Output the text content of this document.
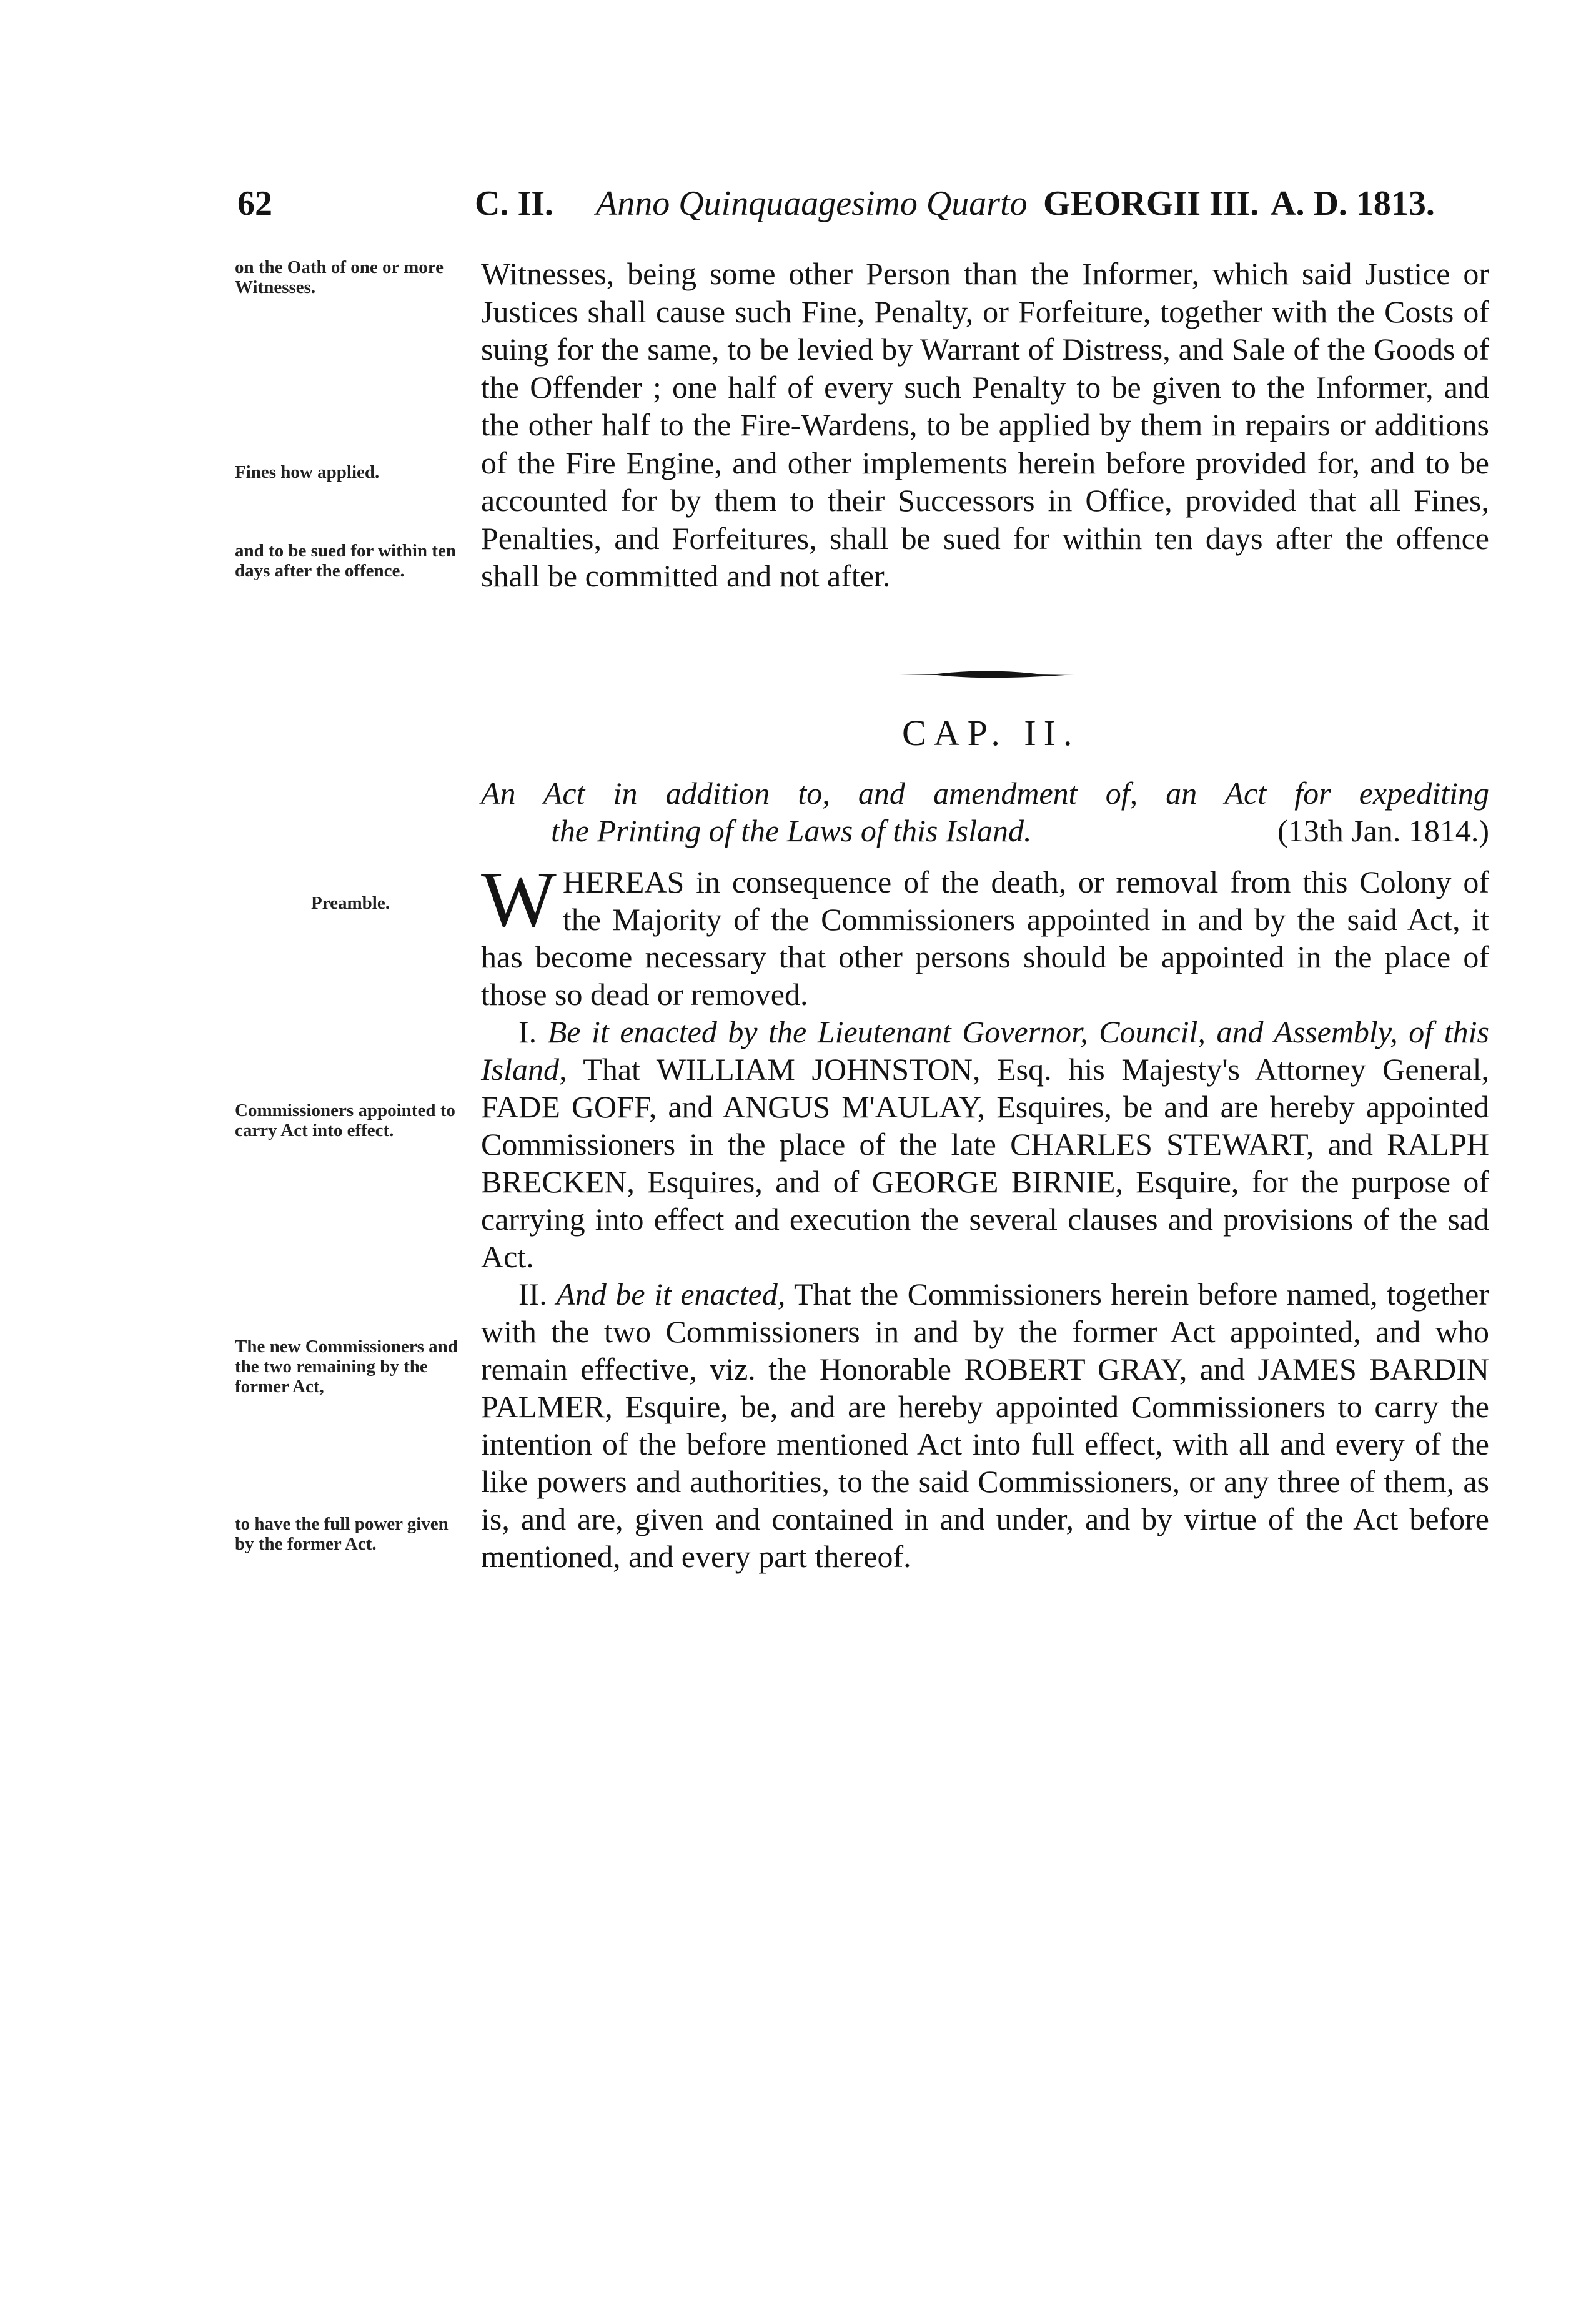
62	C. II. Anno Quinquaagesimo Quarto GEORGII III. A. D. 1813.
on the Oath of one or more Witnesses.
Fines how applied.
and to be sued for within ten days after the offence.
Preamble.
Commissioners appointed to carry Act into effect.
The new Commissioners and the two remaining by the former Act,
to have the full power given by the former Act.

Witnesses, being some other Person than the Informer, which said Justice or Justices shall cause such Fine, Penalty, or Forfeiture, together with the Costs of suing for the same, to be levied by Warrant of Distress, and Sale of the Goods of the Offender ; one half of every such Penalty to be given to the Informer, and the other half to the Fire-Wardens, to be applied by them in repairs or additions of the Fire Engine, and other implements herein before provided for, and to be accounted for by them to their Successors in Office, provided that all Fines, Penalties, and Forfeitures, shall be sued for within ten days after the offence shall be committed and not after.

CAP. II.
An Act in addition to, and amendment of, an Act for expediting
the Printing of the Laws of this Island.	(13th Jan. 1814.)

W HEREAS in consequence of the death, or removal from this Colony of the Majority of the Commissioners appointed in and by the said Act, it has become necessary that other persons should be appointed in the place of those so dead or removed.

I. Be it enacted by the Lieutenant Governor, Council, and Assembly, of this Island, That WILLIAM JOHNSTON, Esq. his Majesty's Attorney General, FADE GOFF, and ANGUS M'AULAY, Esquires, be and are hereby appointed Commissioners in the place of the late CHARLES STEWART, and RALPH BRECKEN, Esquires, and of GEORGE BIRNIE, Esquire, for the purpose of carrying into effect and execution the several clauses and provisions of the sad Act.

II. And be it enacted, That the Commissioners herein before named, together with the two Commissioners in and by the former Act appointed, and who remain effective, viz. the Honorable ROBERT GRAY, and JAMES BARDIN PALMER, Esquire, be, and are hereby appointed Commissioners to carry the intention of the before mentioned Act into full effect, with all and every of the like powers and authorities, to the said Commissioners, or any three of them, as is, and are, given and contained in and under, and by virtue of the Act before mentioned, and every part thereof.
